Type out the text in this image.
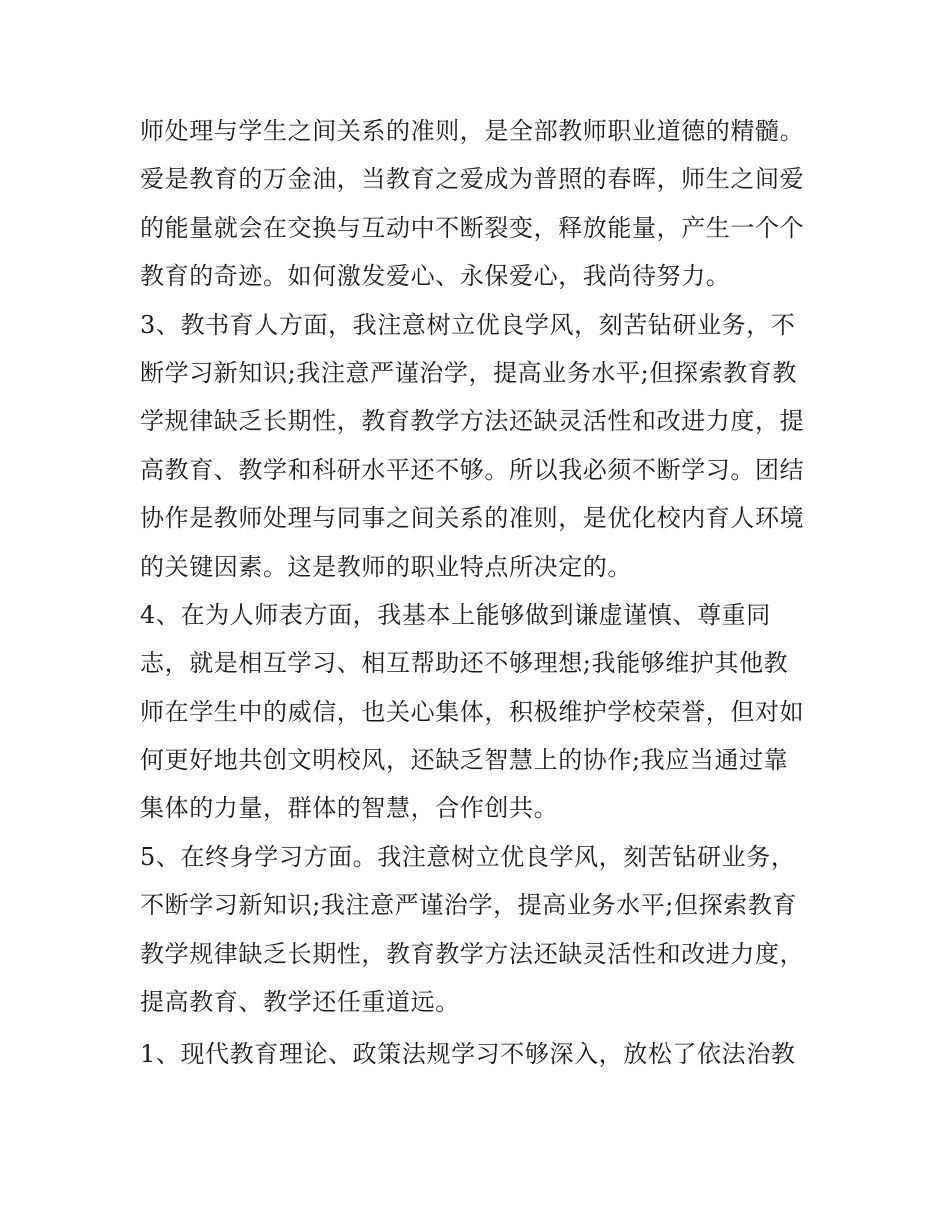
师处理与学生之间关系的准则，是全部教师职业道德的精髓。
爱是教育的万金油，当教育之爱成为普照的春晖，师生之间爱
的能量就会在交换与互动中不断裂变，释放能量，产生一个个
教育的奇迹。如何激发爱心、永保爱心，我尚待努力。
3、教书育人方面，我注意树立优良学风，刻苦钻研业务，不
断学习新知识;我注意严谨治学，提高业务水平;但探索教育教
学规律缺乏长期性，教育教学方法还缺灵活性和改进力度，提
高教育、教学和科研水平还不够。所以我必须不断学习。团结
协作是教师处理与同事之间关系的准则，是优化校内育人环境
的关键因素。这是教师的职业特点所决定的。
4、在为人师表方面，我基本上能够做到谦虚谨慎、尊重同
志，就是相互学习、相互帮助还不够理想;我能够维护其他教
师在学生中的威信，也关心集体，积极维护学校荣誉，但对如
何更好地共创文明校风，还缺乏智慧上的协作;我应当通过靠
集体的力量，群体的智慧，合作创共。
5、在终身学习方面。我注意树立优良学风，刻苦钻研业务，
不断学习新知识;我注意严谨治学，提高业务水平;但探索教育
教学规律缺乏长期性，教育教学方法还缺灵活性和改进力度，
提高教育、教学还任重道远。
1、现代教育理论、政策法规学习不够深入，放松了依法治教
